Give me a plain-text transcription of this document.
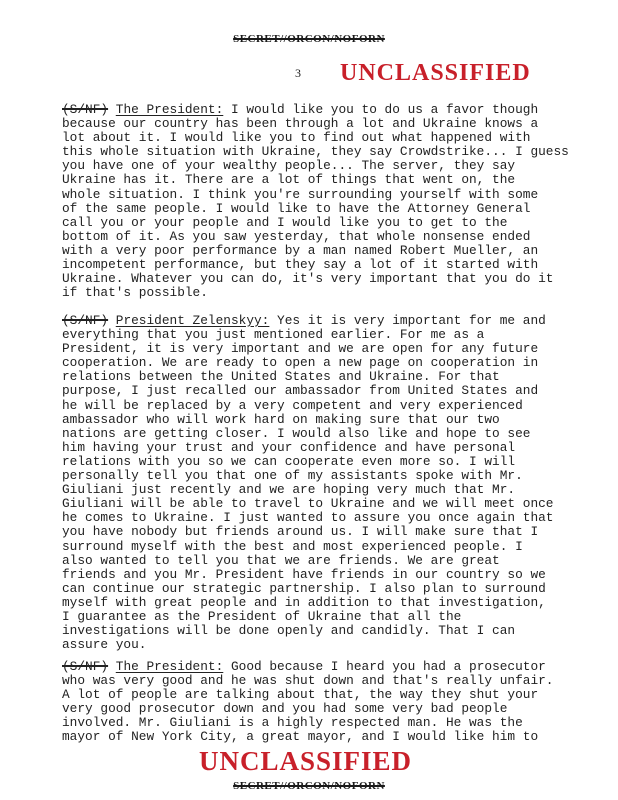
SECRET//ORCON/NOFORN
3 UNCLASSIFIED
(S/NF) The President: I would like you to do us a favor though
because our country has been through a lot and Ukraine knows a
lot about it. I would like you to find out what happened with
this whole situation with Ukraine, they say Crowdstrike... I guess
you have one of your wealthy people... The server, they say
Ukraine has it. There are a lot of things that went on, the
whole situation. I think you're surrounding yourself with some
of the same people. I would like to have the Attorney General
call you or your people and I would like you to get to the
bottom of it. As you saw yesterday, that whole nonsense ended
with a very poor performance by a man named Robert Mueller, an
incompetent performance, but they say a lot of it started with
Ukraine. Whatever you can do, it's very important that you do it
if that's possible.
(S/NF) President Zelenskyy: Yes it is very important for me and
everything that you just mentioned earlier. For me as a
President, it is very important and we are open for any future
cooperation. We are ready to open a new page on cooperation in
relations between the United States and Ukraine. For that
purpose, I just recalled our ambassador from United States and
he will be replaced by a very competent and very experienced
ambassador who will work hard on making sure that our two
nations are getting closer. I would also like and hope to see
him having your trust and your confidence and have personal
relations with you so we can cooperate even more so. I will
personally tell you that one of my assistants spoke with Mr.
Giuliani just recently and we are hoping very much that Mr.
Giuliani will be able to travel to Ukraine and we will meet once
he comes to Ukraine. I just wanted to assure you once again that
you have nobody but friends around us. I will make sure that I
surround myself with the best and most experienced people. I
also wanted to tell you that we are friends. We are great
friends and you Mr. President have friends in our country so we
can continue our strategic partnership. I also plan to surround
myself with great people and in addition to that investigation,
I guarantee as the President of Ukraine that all the
investigations will be done openly and candidly. That I can
assure you.
(S/NF) The President: Good because I heard you had a prosecutor
who was very good and he was shut down and that's really unfair.
A lot of people are talking about that, the way they shut your
very good prosecutor down and you had some very bad people
involved. Mr. Giuliani is a highly respected man. He was the
mayor of New York City, a great mayor, and I would like him to
UNCLASSIFIED
SECRET//ORCON/NOFORN
